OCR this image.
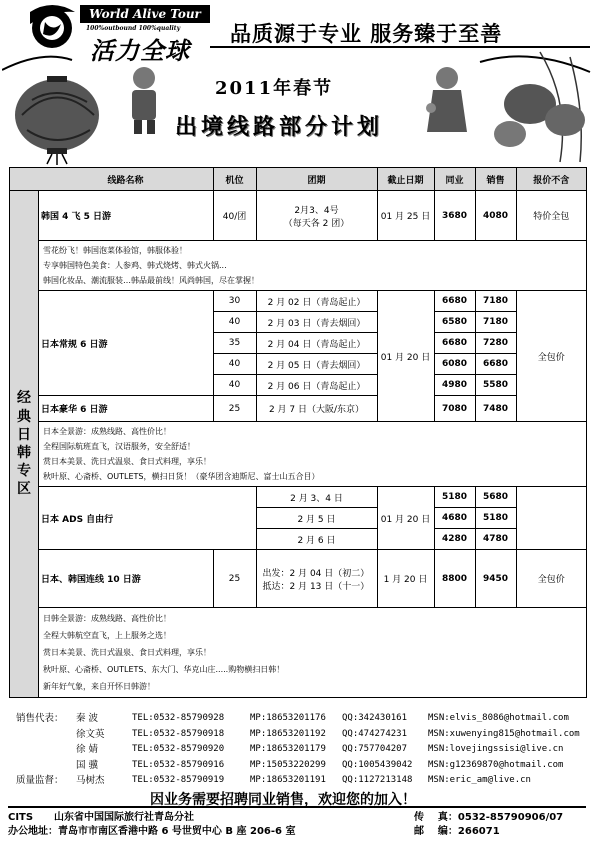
World Alive Tour
100%outbound 100%quality
活力全球
品质源于专业 服务臻于至善
2011年春节
出境线路部分计划
	线路名称	机位	团期	截止日期	同业	销售	报价不含

经典日韩专区	韩国 4 飞 5 日游	40/团	2月3、4号
（每天各 2 团）	01 月 25 日	3680	4080	特价全包

	雪花纷飞！韩国泡菜体验馆，韩服体验！
专享韩国特色美食：人参鸡、韩式烧烤、韩式火锅...
韩国化妆品、潮流服装…韩品最前线！风尚韩国，尽在掌握！						

	日本常规 6 日游	30	2 月 02 日（青岛起止）	01 月 20 日	6680	7180	全包价
		40	2 月 03 日（青去烟回）		6580	7180	
		35	2 月 04 日（青岛起止）		6680	7280	
		40	2 月 05 日（青去烟回）		6080	6680	
		40	2 月 06 日（青岛起止）		4980	5580	
	日本豪华 6 日游	25	2 月 7 日（大阪/东京）		7080	7480	

	日本全景游：成熟线路、高性价比！
全程国际航班直飞，汉语服务，安全舒适！
赏日本美景、洗日式温泉、食日式料理，享乐！
秋叶原、心斋桥、OUTLETS，横扫日货！（豪华团含迪斯尼、富士山五合目）						

	日本 ADS 自由行		2 月 3、4 日	01 月 20 日	5180	5680	
			2 月 5 日		4680	5180	
			2 月 6 日		4280	4780	
	日本、韩国连线 10 日游	25	出发：2 月 04 日（初二）
抵达：2 月 13 日（十一）	1 月 20 日	8800	9450	全包价

	日韩全景游：成熟线路、高性价比！
全程大韩航空直飞，上上服务之选！
赏日本美景、洗日式温泉、食日式料理，享乐！
秋叶原、心斋桥、OUTLETS、东大门、华克山庄.....购物横扫日韩！
新年好气象，来自开怀日韩游！						
销售代表：	秦 波	TEL:0532-85790928	MP:18653201176	QQ:342430161	MSN:elvis_8086@hotmail.com
徐文英	TEL:0532-85790918	MP:18653201192	QQ:474274231	MSN:xuwenying815@hotmail.com
徐 婧	TEL:0532-85790920	MP:18653201179	QQ:757704207	MSN:lovejingssisi@live.cn
国 骥	TEL:0532-85790916	MP:15053220299	QQ:1005439042	MSN:g12369870@hotmail.com
质量监督：	马树杰	TEL:0532-85790919	MP:18653201191	QQ:1127213148	MSN:eric_am@live.cn
因业务需要招聘同业销售，欢迎您的加入！
CITS      山东省中国国际旅行社青岛分社
办公地址：青岛市市南区香港中路 6 号世贸中心 B 座 206-6 室
传    真：0532-85790906/07
邮    编：266071
